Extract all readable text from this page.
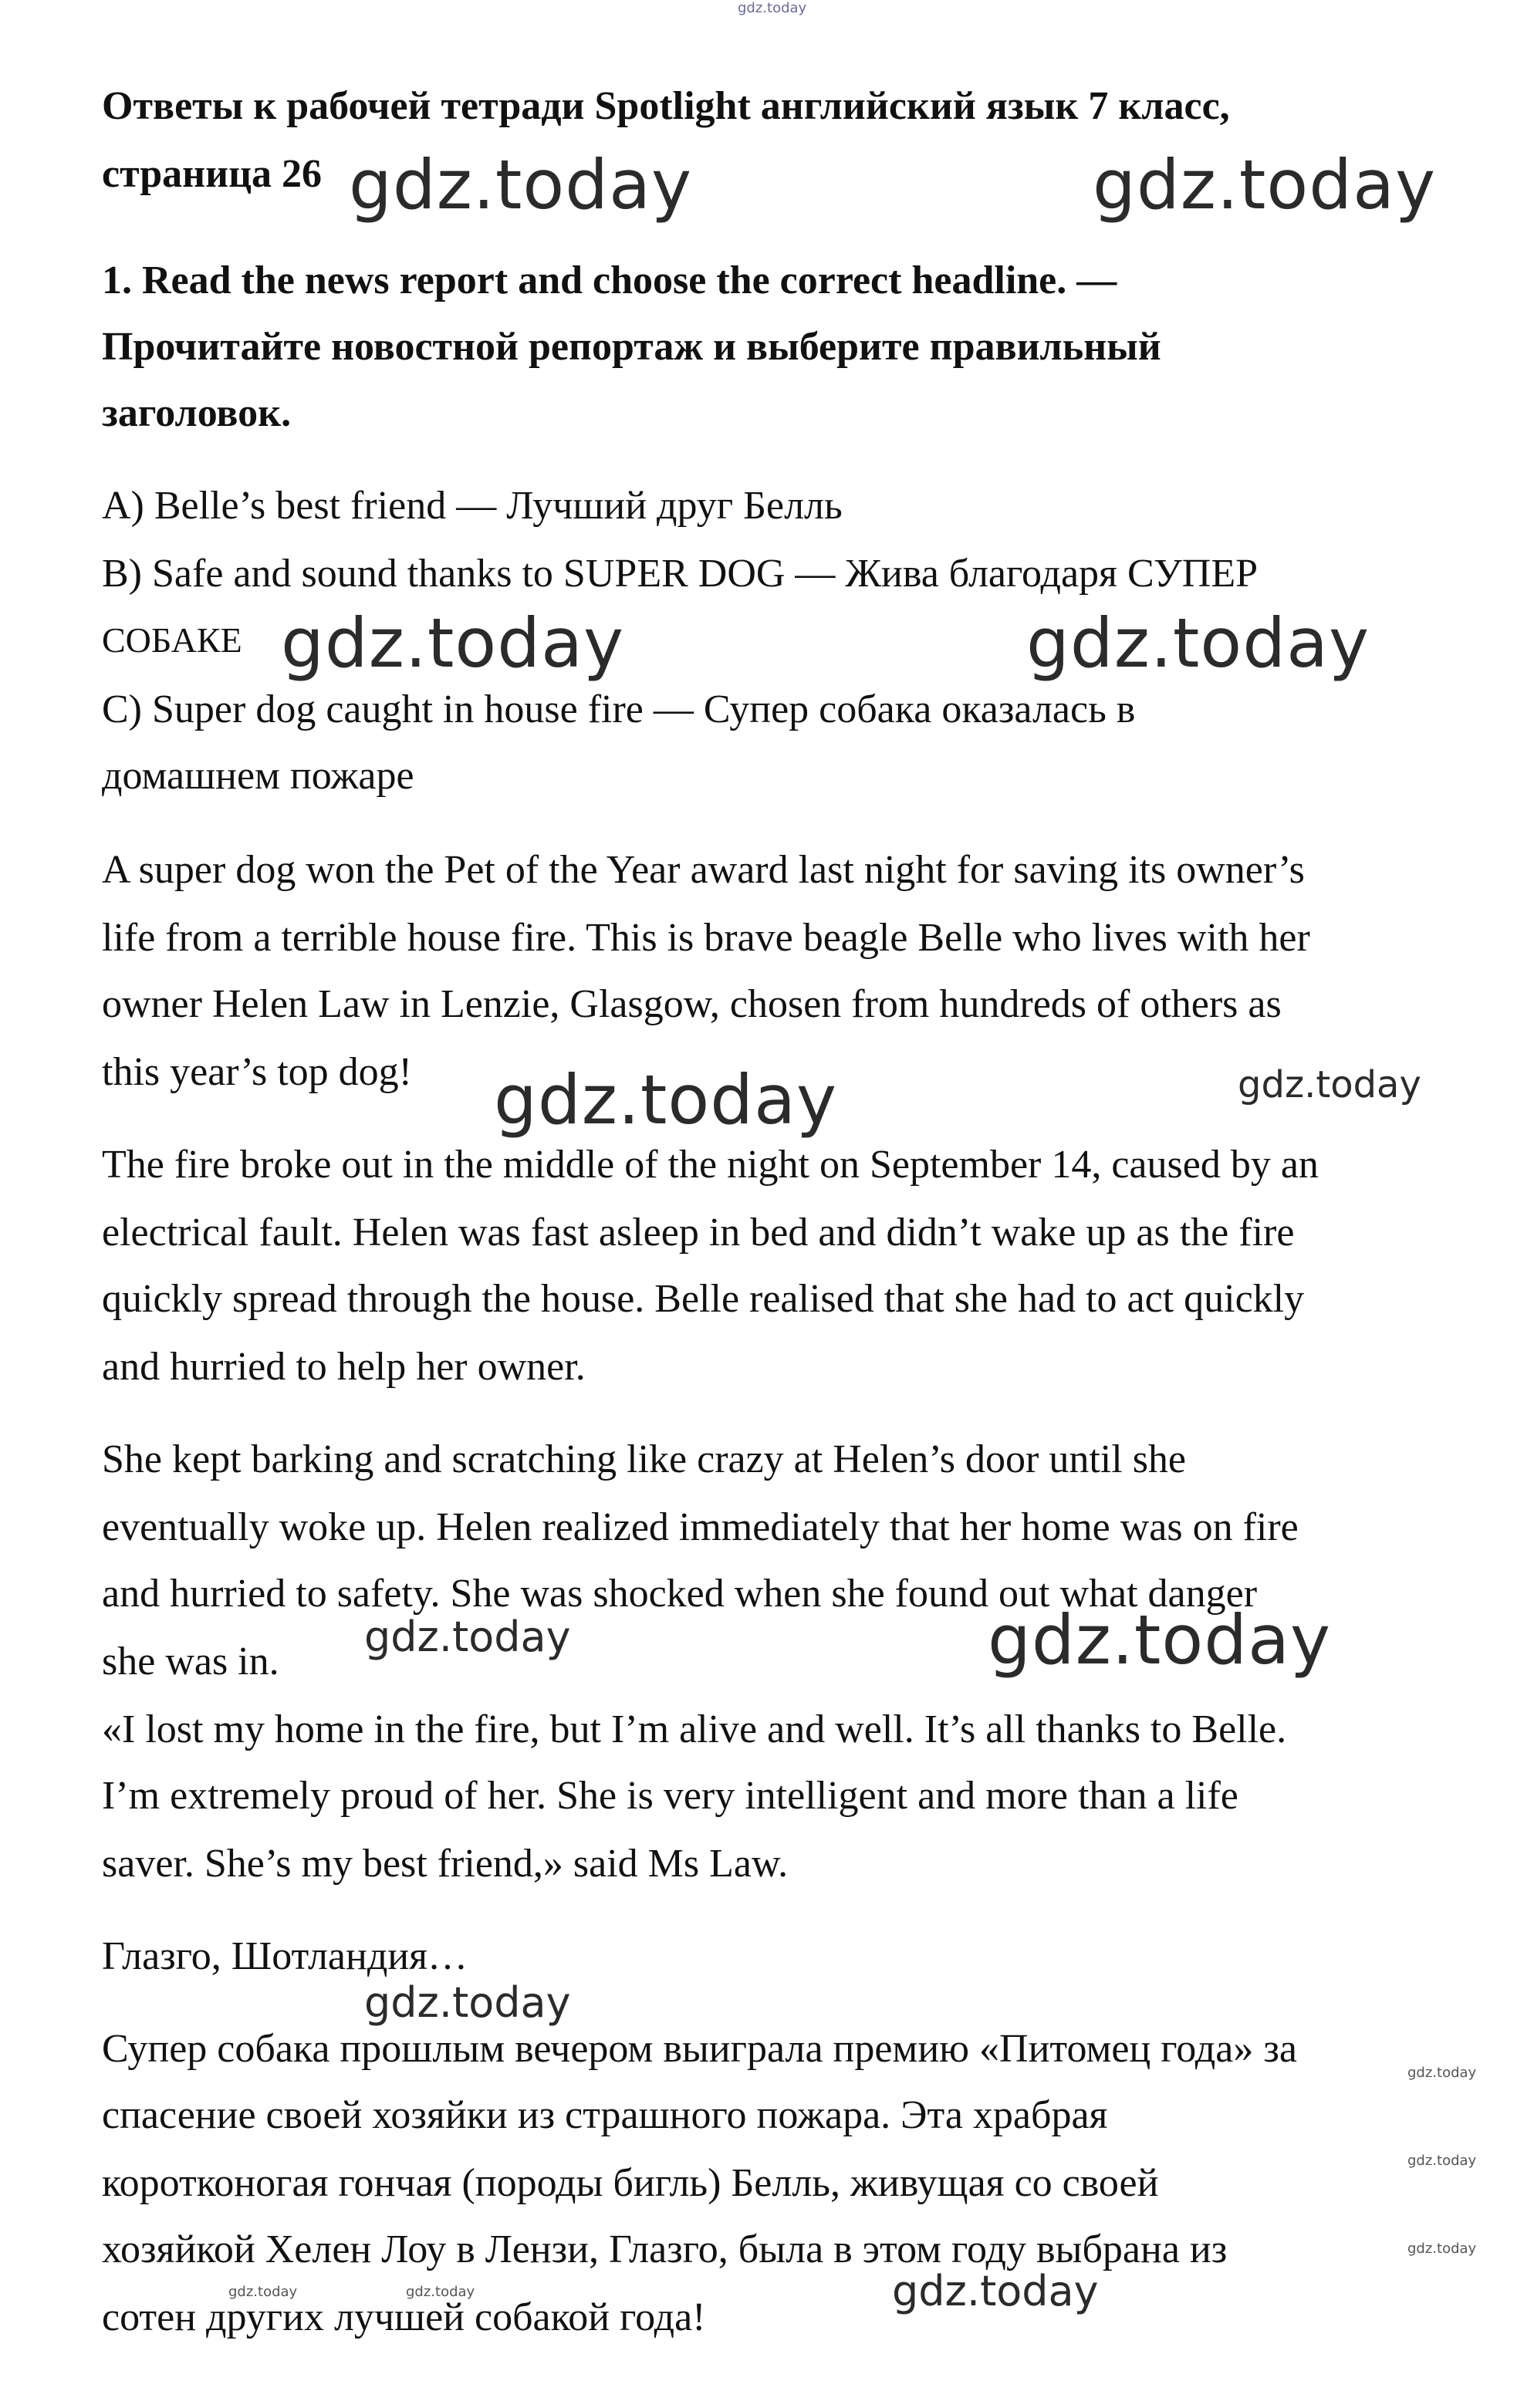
gdz.today
Ответы к рабочей тетради Spotlight английский язык 7 класс,
страница 26 gdz.today	gdz.today
1. Read the news report and choose the correct headline. —
Прочитайте новостной репортаж и выберите правильный
заголовок.
A) Belle’s best friend — Лучший друг Белль
B) Safe and sound thanks to SUPER DOG — Жива благодаря СУПЕР
СОБАКЕ gdz.today	gdz.today
C) Super dog caught in house fire — Супер собака оказалась в
домашнем пожаре
A super dog won the Pet of the Year award last night for saving its owner’s
life from a terrible house fire. This is brave beagle Belle who lives with her
owner Helen Law in Lenzie, Glasgow, chosen from hundreds of others as
this year’s top dog! gdz.today	gdz.today
The fire broke out in the middle of the night on September 14, caused by an
electrical fault. Helen was fast asleep in bed and didn’t wake up as the fire
quickly spread through the house. Belle realised that she had to act quickly
and hurried to help her owner.
She kept barking and scratching like crazy at Helen’s door until she
eventually woke up. Helen realized immediately that her home was on fire
and hurried to safety. She was shocked when she found out what danger
she was in.
gdz.today	gdz.today
«I lost my home in the fire, but I’m alive and well. It’s all thanks to Belle.
I’m extremely proud of her. She is very intelligent and more than a life
saver. She’s my best friend,» said Ms Law.
Глазго, Шотландия…
gdz.today
Супер собака прошлым вечером выиграла премию «Питомец года» за
gdz.today
спасение своей хозяйки из страшного пожара. Эта храбрая
gdz.today
коротконогая гончая (породы бигль) Белль, живущая со своей
gdz.today
хозяйкой Хелен Лоу в Лензи, Глазго, была в этом году выбрана из
gdz.today	gdz.today
сотен других лучшей собакой года!
gdz.today
